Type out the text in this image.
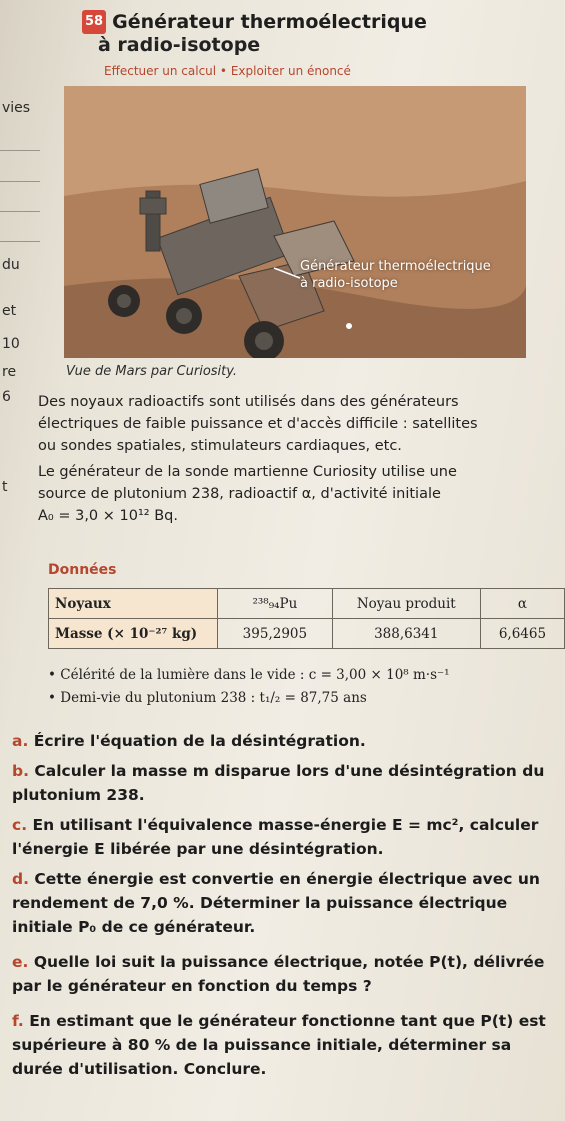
58 Générateur thermoélectrique
à radio-isotope
Effectuer un calcul • Exploiter un énoncé
vies
du
et
10
re
6
t
Générateur thermoélectrique
à radio-isotope
Vue de Mars par Curiosity.
Des noyaux radioactifs sont utilisés dans des générateurs
électriques de faible puissance et d'accès difficile : satellites
ou sondes spatiales, stimulateurs cardiaques, etc.
Le générateur de la sonde martienne Curiosity utilise une
source de plutonium 238, radioactif α, d'activité initiale
A₀ = 3,0 × 10¹² Bq.
Données
Noyaux	²³⁸₉₄Pu	Noyau produit	α
Masse (× 10⁻²⁷ kg)	395,2905	388,6341	6,6465
• Célérité de la lumière dans le vide : c = 3,00 × 10⁸ m·s⁻¹
• Demi-vie du plutonium 238 : t₁/₂ = 87,75 ans
a. Écrire l'équation de la désintégration.
b. Calculer la masse m disparue lors d'une désintégration du plutonium 238.
c. En utilisant l'équivalence masse-énergie E = mc², calculer l'énergie E libérée par une désintégration.
d. Cette énergie est convertie en énergie électrique avec un rendement de 7,0 %. Déterminer la puissance électrique initiale P₀ de ce générateur.
e. Quelle loi suit la puissance électrique, notée P(t), délivrée par le générateur en fonction du temps ?
f. En estimant que le générateur fonctionne tant que P(t) est supérieure à 80 % de la puissance initiale, déterminer sa durée d'utilisation. Conclure.
